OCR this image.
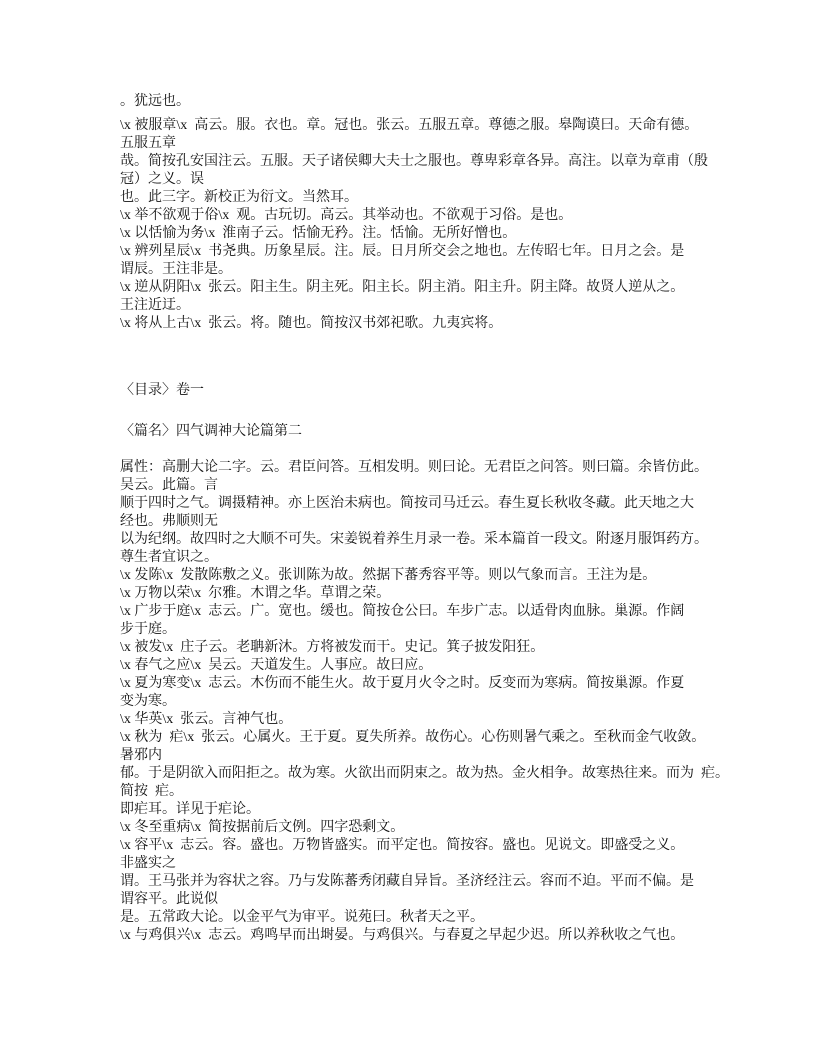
。犹远也。
\x 被服章\x  高云。服。衣也。章。冠也。张云。五服五章。尊德之服。皋陶谟曰。天命有德。
五服五章
哉。简按孔安国注云。五服。天子诸侯卿大夫士之服也。尊卑彩章各异。高注。以章为章甫（殷
冠）之义。误
也。此三字。新校正为衍文。当然耳。
\x 举不欲观于俗\x  观。古玩切。高云。其举动也。不欲观于习俗。是也。
\x 以恬愉为务\x  淮南子云。恬愉无矜。注。恬愉。无所好憎也。
\x 辨列星辰\x  书尧典。历象星辰。注。辰。日月所交会之地也。左传昭七年。日月之会。是
谓辰。王注非是。
\x 逆从阴阳\x  张云。阳主生。阴主死。阳主长。阴主消。阳主升。阴主降。故贤人逆从之。
王注近迂。
\x 将从上古\x  张云。将。随也。简按汉书郊祀歌。九夷宾将。
〈目录〉卷一
〈篇名〉四气调神大论篇第二
属性：高删大论二字。云。君臣问答。互相发明。则曰论。无君臣之问答。则曰篇。余皆仿此。
吴云。此篇。言
顺于四时之气。调摄精神。亦上医治未病也。简按司马迁云。春生夏长秋收冬藏。此天地之大
经也。弗顺则无
以为纪纲。故四时之大顺不可失。宋姜锐着养生月录一卷。采本篇首一段文。附逐月服饵药方。
尊生者宜识之。
\x 发陈\x  发散陈敷之义。张训陈为故。然据下蕃秀容平等。则以气象而言。王注为是。
\x 万物以荣\x  尔雅。木谓之华。草谓之荣。
\x 广步于庭\x  志云。广。宽也。缓也。简按仓公曰。车步广志。以适骨肉血脉。巢源。作阔
步于庭。
\x 被发\x  庄子云。老聃新沐。方将被发而干。史记。箕子披发阳狂。
\x 春气之应\x  吴云。天道发生。人事应。故曰应。
\x 夏为寒变\x  志云。木伤而不能生火。故于夏月火令之时。反变而为寒病。简按巢源。作夏
变为寒。
\x 华英\x  张云。言神气也。
\x 秋为  疟\x  张云。心属火。王于夏。夏失所养。故伤心。心伤则暑气乘之。至秋而金气收敛。
暑邪内
郁。于是阴欲入而阳拒之。故为寒。火欲出而阴束之。故为热。金火相争。故寒热往来。而为  疟。
简按  疟。
即疟耳。详见于疟论。
\x 冬至重病\x  简按据前后文例。四字恐剩文。
\x 容平\x  志云。容。盛也。万物皆盛实。而平定也。简按容。盛也。见说文。即盛受之义。
非盛实之
谓。王马张并为容状之容。乃与发陈蕃秀闭藏自异旨。圣济经注云。容而不迫。平而不偏。是
谓容平。此说似
是。五常政大论。以金平气为审平。说苑曰。秋者天之平。
\x 与鸡俱兴\x  志云。鸡鸣早而出埘晏。与鸡俱兴。与春夏之早起少迟。所以养秋收之气也。
